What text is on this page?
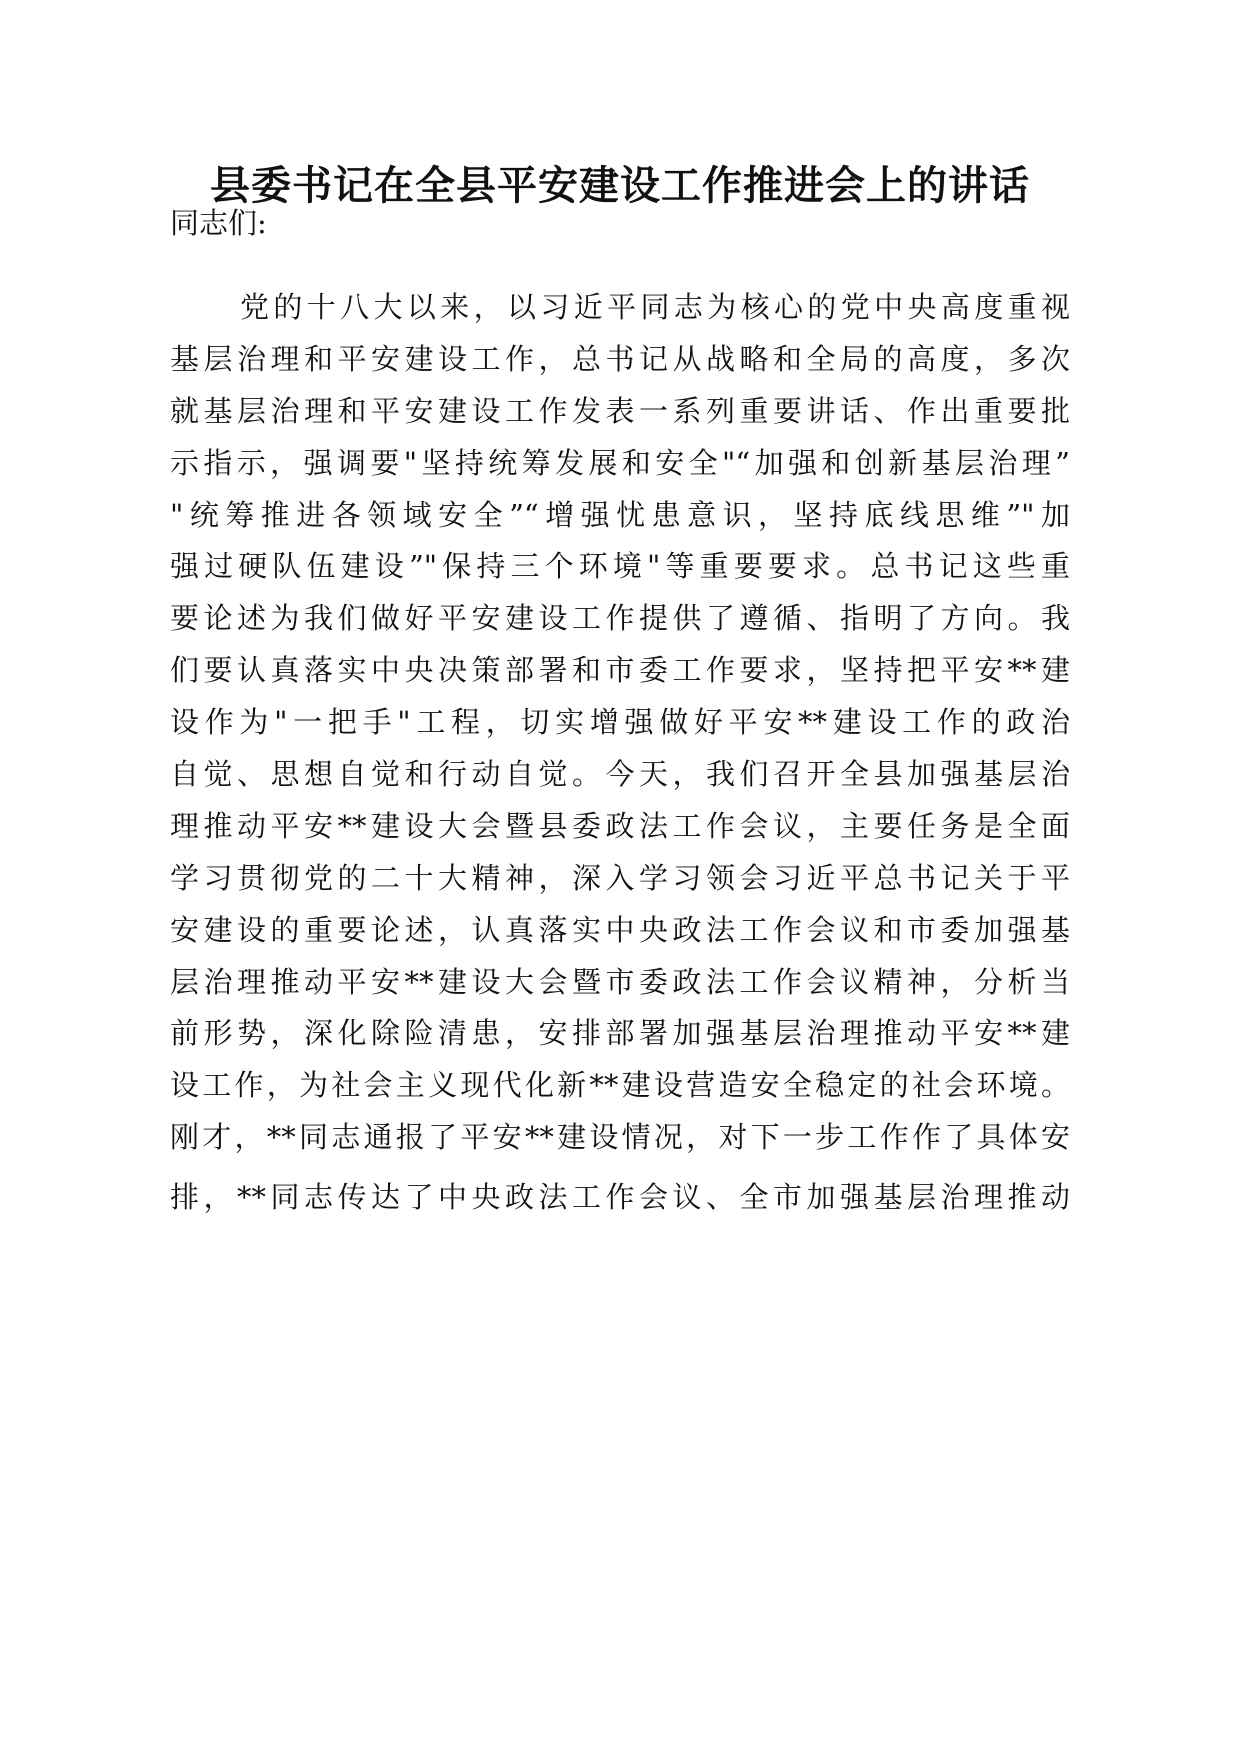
县委书记在全县平安建设工作推进会上的讲话

同志们:

党的十八大以来，以习近平同志为核心的党中央高度重视
基层治理和平安建设工作，总书记从战略和全局的高度，多次
就基层治理和平安建设工作发表一系列重要讲话、作出重要批
示指示，强调要"坚持统筹发展和安全"“加强和创新基层治理”
"统筹推进各领域安全”“增强忧患意识，坚持底线思维”"加
强过硬队伍建设”"保持三个环境"等重要要求。总书记这些重
要论述为我们做好平安建设工作提供了遵循、指明了方向。我
们要认真落实中央决策部署和市委工作要求，坚持把平安**建
设作为"一把手"工程，切实增强做好平安**建设工作的政治
自觉、思想自觉和行动自觉。今天，我们召开全县加强基层治
理推动平安**建设大会暨县委政法工作会议，主要任务是全面
学习贯彻党的二十大精神，深入学习领会习近平总书记关于平
安建设的重要论述，认真落实中央政法工作会议和市委加强基
层治理推动平安**建设大会暨市委政法工作会议精神，分析当
前形势，深化除险清患，安排部署加强基层治理推动平安**建
设工作，为社会主义现代化新**建设营造安全稳定的社会环境。
刚才，**同志通报了平安**建设情况，对下一步工作作了具体安
排，**同志传达了中央政法工作会议、全市加强基层治理推动
